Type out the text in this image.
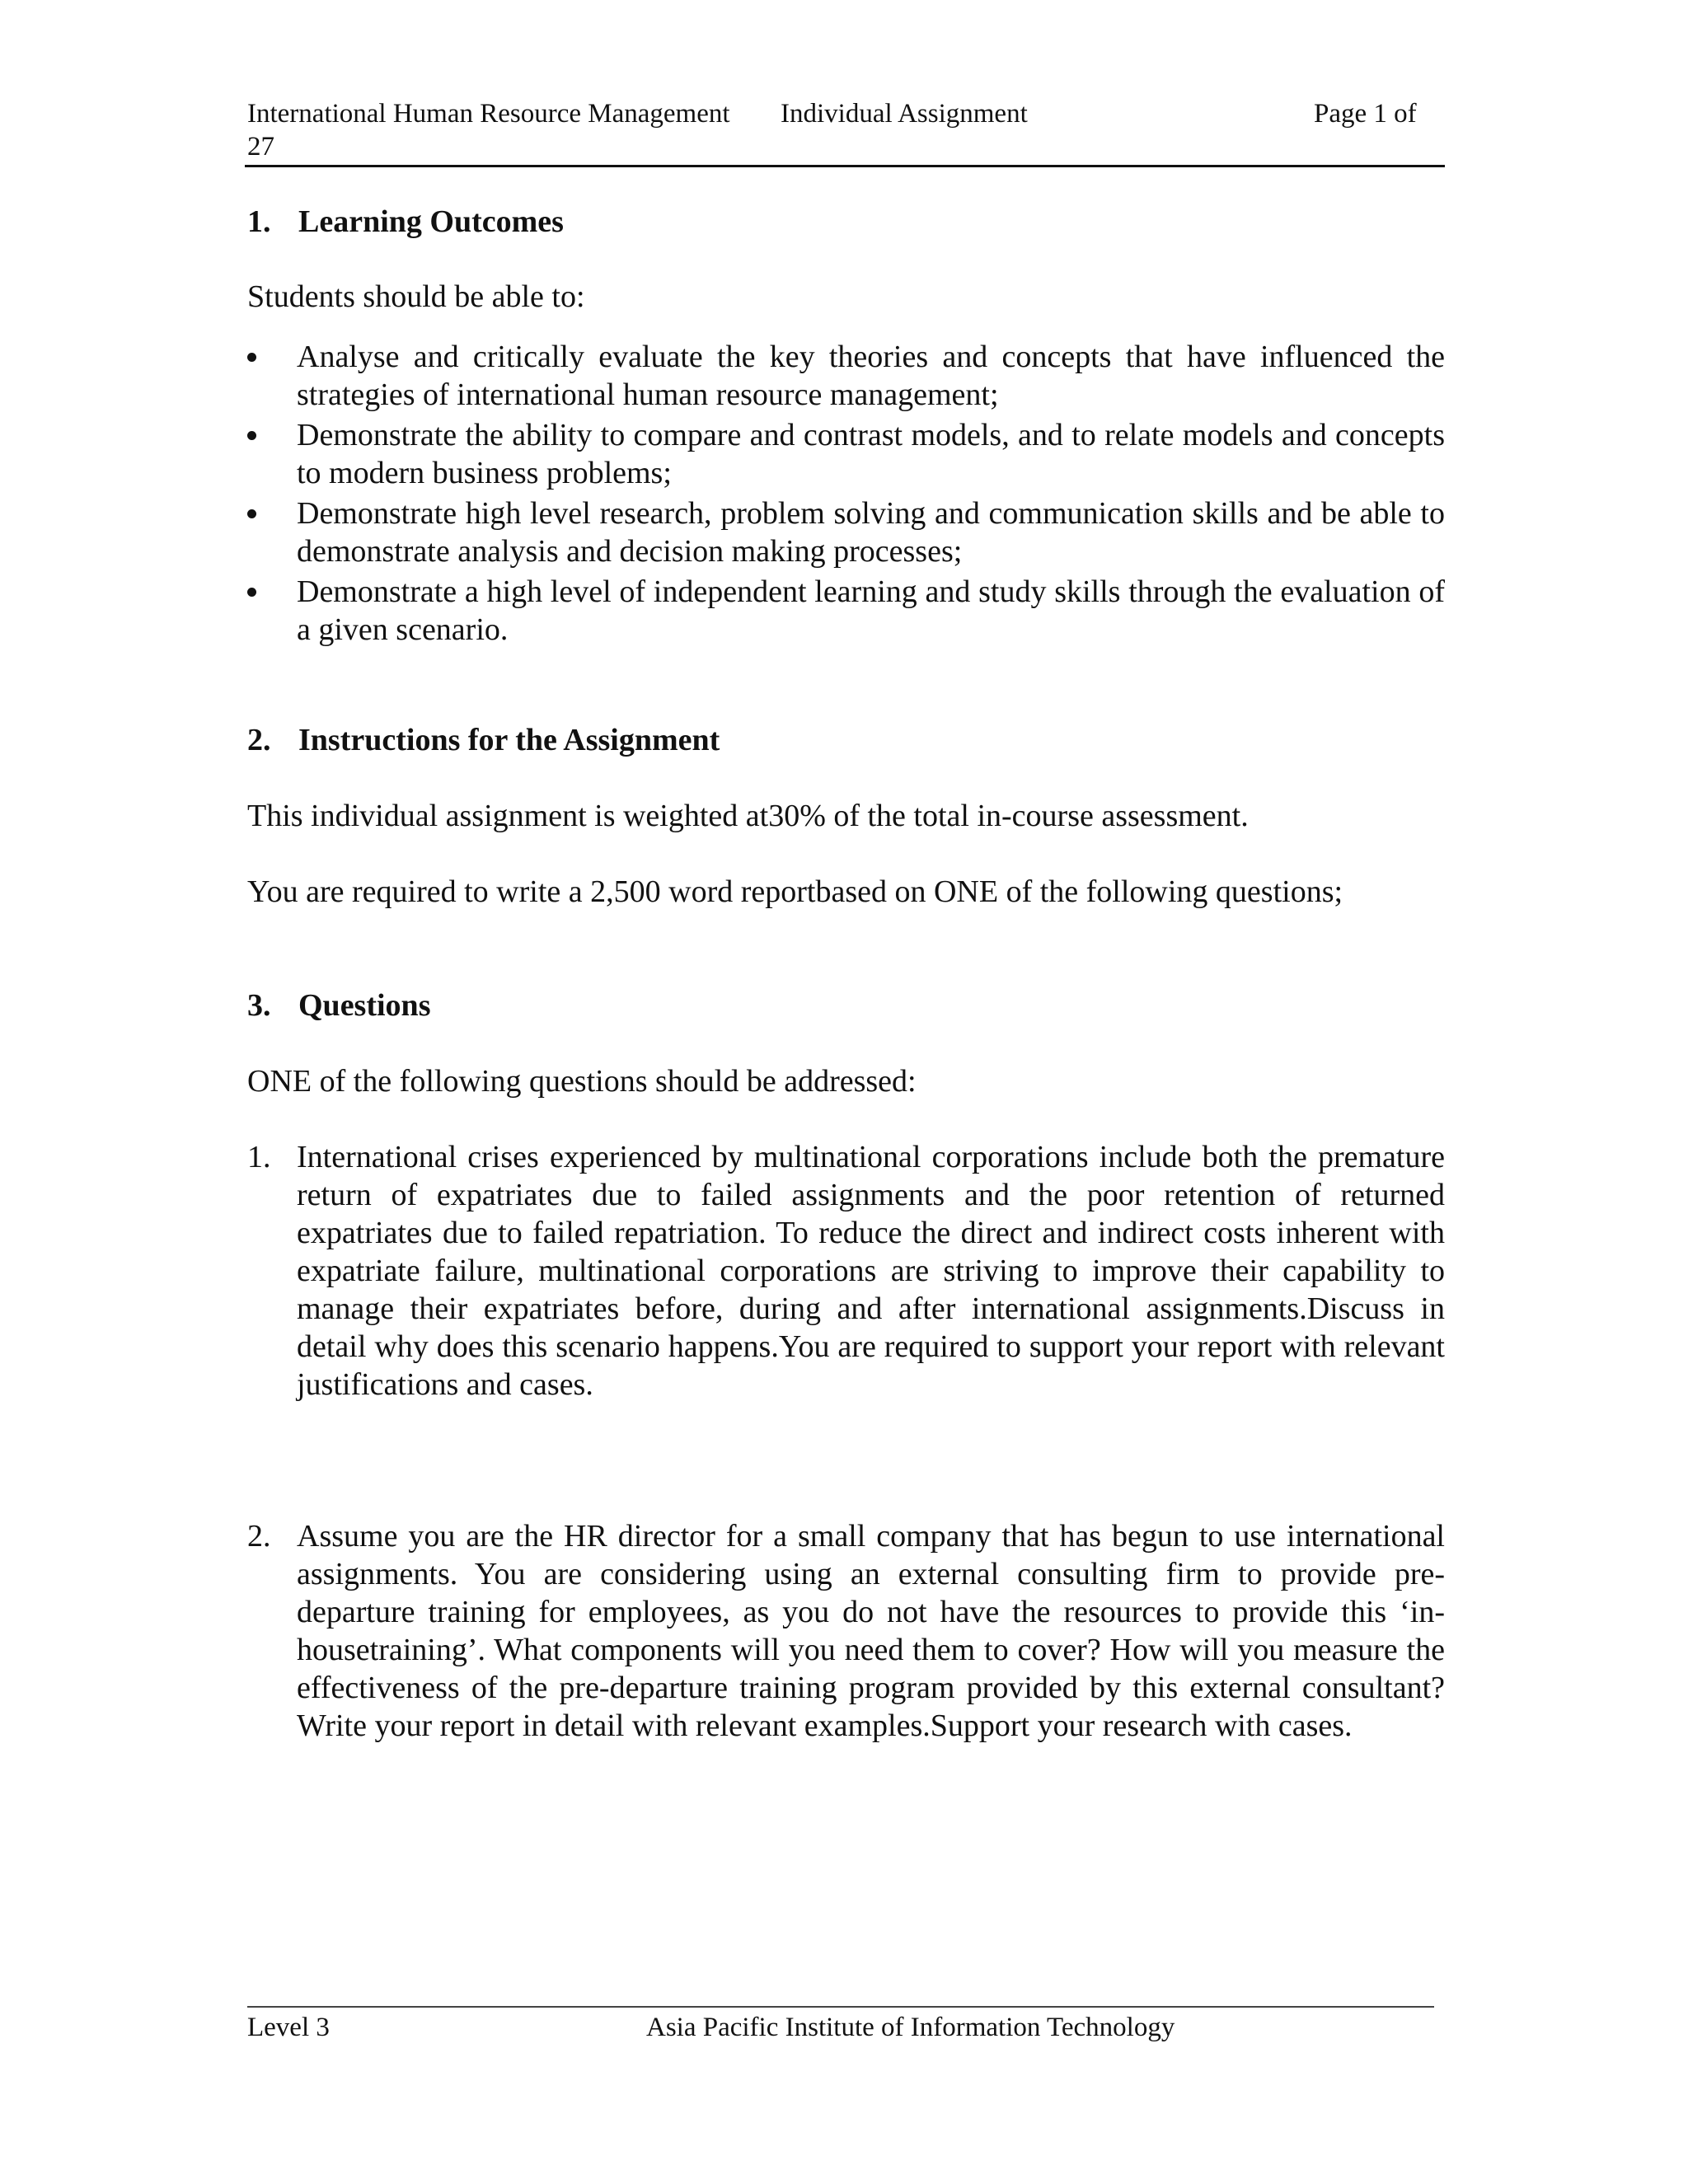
International Human Resource Management Individual Assignment	Page 1 of
27
1. Learning Outcomes
Students should be able to:
Analyse and critically evaluate the key theories and concepts that have influenced the strategies of international human resource management;
Demonstrate the ability to compare and contrast models, and to relate models and concepts to modern business problems;
Demonstrate high level research, problem solving and communication skills and be able to demonstrate analysis and decision making processes;
Demonstrate a high level of independent learning and study skills through the evaluation of a given scenario.
2. Instructions for the Assignment
This individual assignment is weighted at30% of the total in-course assessment.
You are required to write a 2,500 word reportbased on ONE of the following questions;
3. Questions
ONE of the following questions should be addressed:
1. International crises experienced by multinational corporations include both the premature return of expatriates due to failed assignments and the poor retention of returned expatriates due to failed repatriation. To reduce the direct and indirect costs inherent with expatriate failure, multinational corporations are striving to improve their capability to manage their expatriates before, during and after international assignments.Discuss in detail why does this scenario happens.You are required to support your report with relevant justifications and cases.
2. Assume you are the HR director for a small company that has begun to use international assignments. You are considering using an external consulting firm to provide pre-departure training for employees, as you do not have the resources to provide this ‘in-housetraining’. What components will you need them to cover? How will you measure the effectiveness of the pre-departure training program provided by this external consultant? Write your report in detail with relevant examples.Support your research with cases.
Level 3	Asia Pacific Institute of Information Technology
